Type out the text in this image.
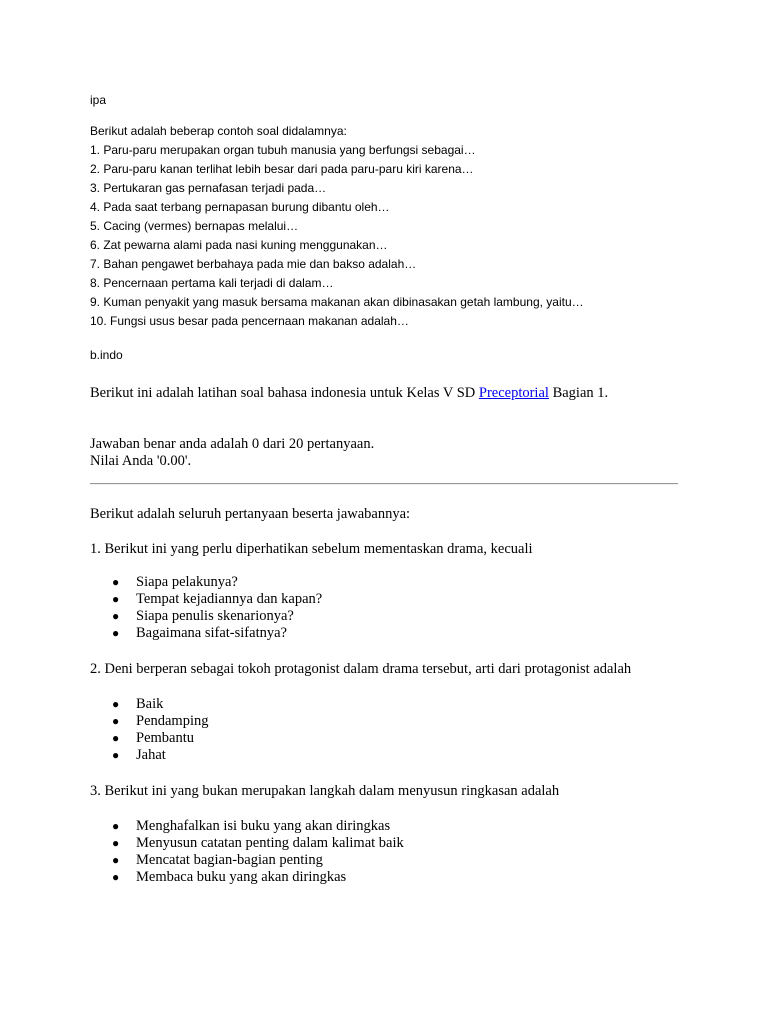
ipa
Berikut adalah beberap contoh soal didalamnya:
1. Paru-paru merupakan organ tubuh manusia yang berfungsi sebagai…
2. Paru-paru kanan terlihat lebih besar dari pada paru-paru kiri karena…
3. Pertukaran gas pernafasan terjadi pada…
4. Pada saat terbang pernapasan burung dibantu oleh…
5. Cacing (vermes) bernapas melalui…
6. Zat pewarna alami pada nasi kuning menggunakan…
7. Bahan pengawet berbahaya pada mie dan bakso adalah…
8. Pencernaan pertama kali terjadi di dalam…
9. Kuman penyakit yang masuk bersama makanan akan dibinasakan getah lambung, yaitu…
10. Fungsi usus besar pada pencernaan makanan adalah…
b.indo

Berikut ini adalah latihan soal bahasa indonesia untuk Kelas V SD Preceptorial Bagian 1.

Jawaban benar anda adalah 0 dari 20 pertanyaan.

Nilai Anda '0.00'.

Berikut adalah seluruh pertanyaan beserta jawabannya:

1. Berikut ini yang perlu diperhatikan sebelum mementaskan drama, kecuali

● Siapa pelakunya?
● Tempat kejadiannya dan kapan?
● Siapa penulis skenarionya?
● Bagaimana sifat-sifatnya?

2. Deni berperan sebagai tokoh protagonist dalam drama tersebut, arti dari protagonist adalah

● Baik
● Pendamping
● Pembantu
● Jahat

3. Berikut ini yang bukan merupakan langkah dalam menyusun ringkasan adalah

● Menghafalkan isi buku yang akan diringkas
● Menyusun catatan penting dalam kalimat baik
● Mencatat bagian-bagian penting
● Membaca buku yang akan diringkas
